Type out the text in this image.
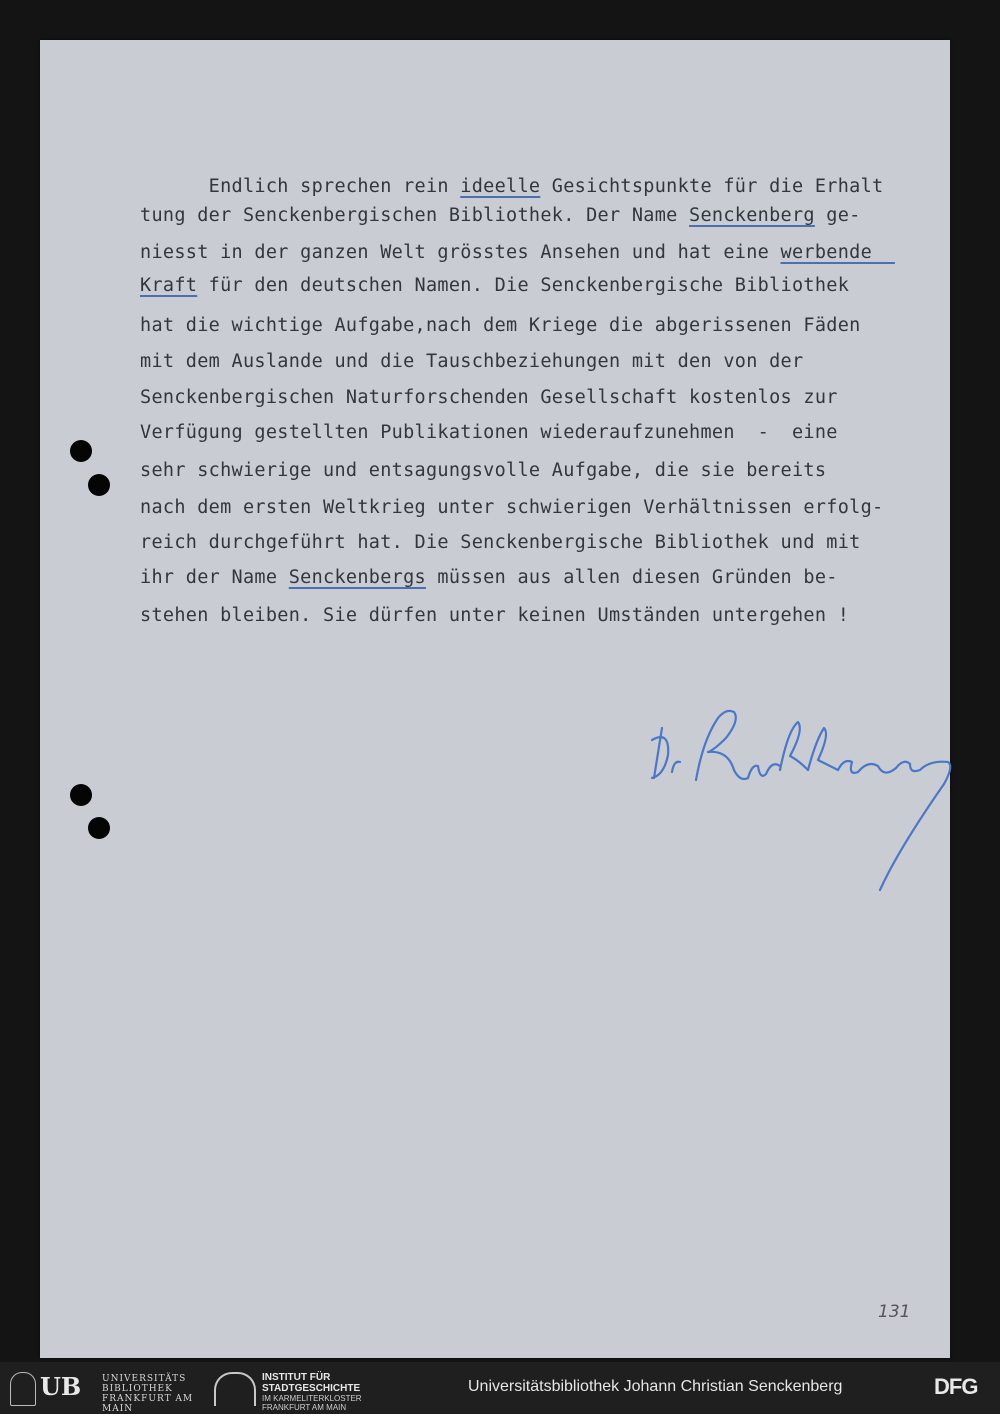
Endlich sprechen rein ideelle Gesichtspunkte für die Erhalt
tung der Senckenbergischen Bibliothek. Der Name Senckenberg ge-
niesst in der ganzen Welt grösstes Ansehen und hat eine werbende
Kraft für den deutschen Namen. Die Senckenbergische Bibliothek
hat die wichtige Aufgabe,nach dem Kriege die abgerissenen Fäden
mit dem Auslande und die Tauschbeziehungen mit den von der
Senckenbergischen Naturforschenden Gesellschaft kostenlos zur
Verfügung gestellten Publikationen wiederaufzunehmen  -  eine
sehr schwierige und entsagungsvolle Aufgabe, die sie bereits
nach dem ersten Weltkrieg unter schwierigen Verhältnissen erfolg-
reich durchgeführt hat. Die Senckenbergische Bibliothek und mit
ihr der Name Senckenbergs müssen aus allen diesen Gründen be-
stehen bleiben. Sie dürfen unter keinen Umständen untergehen !
131
UB UNIVERSITÄTS
BIBLIOTHEK
FRANKFURT AM MAIN
INSTITUT FÜR
STADTGESCHICHTE
IM KARMELITERKLOSTER
FRANKFURT AM MAIN
Universitätsbibliothek Johann Christian Senckenberg	DFG
